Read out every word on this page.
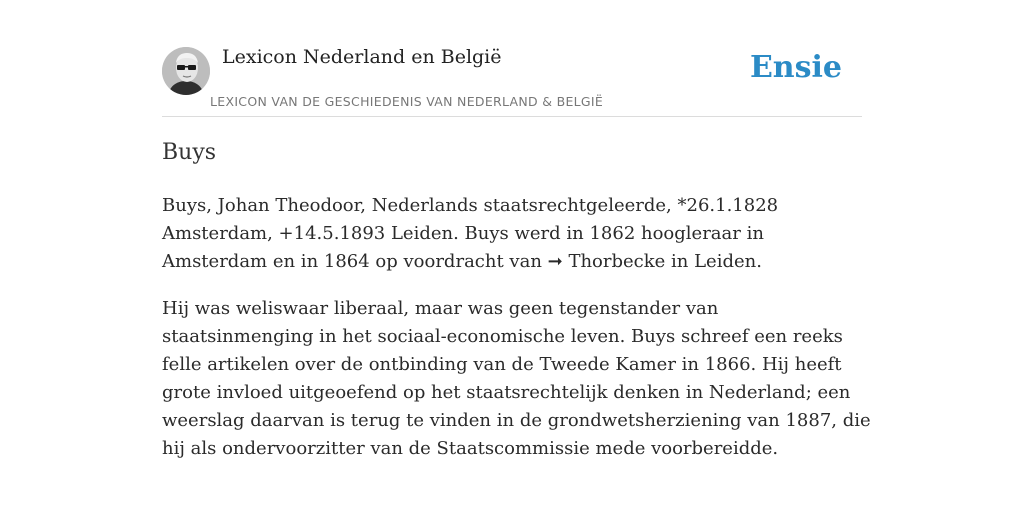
Lexicon Nederland en België
LEXICON VAN DE GESCHIEDENIS VAN NEDERLAND & BELGIË
Ensie
Buys

Buys, Johan Theodoor, Nederlands staatsrechtgeleerde, *26.1.1828 Amsterdam, +14.5.1893 Leiden. Buys werd in 1862 hoogleraar in Amsterdam en in 1864 op voordracht van ➞ Thorbecke in Leiden.

Hij was weliswaar liberaal, maar was geen tegenstander van staatsinmenging in het sociaal-economische leven. Buys schreef een reeks felle artikelen over de ontbinding van de Tweede Kamer in 1866. Hij heeft grote invloed uitgeoefend op het staatsrechtelijk denken in Nederland; een weerslag daarvan is terug te vinden in de grondwetsherziening van 1887, die hij als ondervoorzitter van de Staatscommissie mede voorbereidde.
